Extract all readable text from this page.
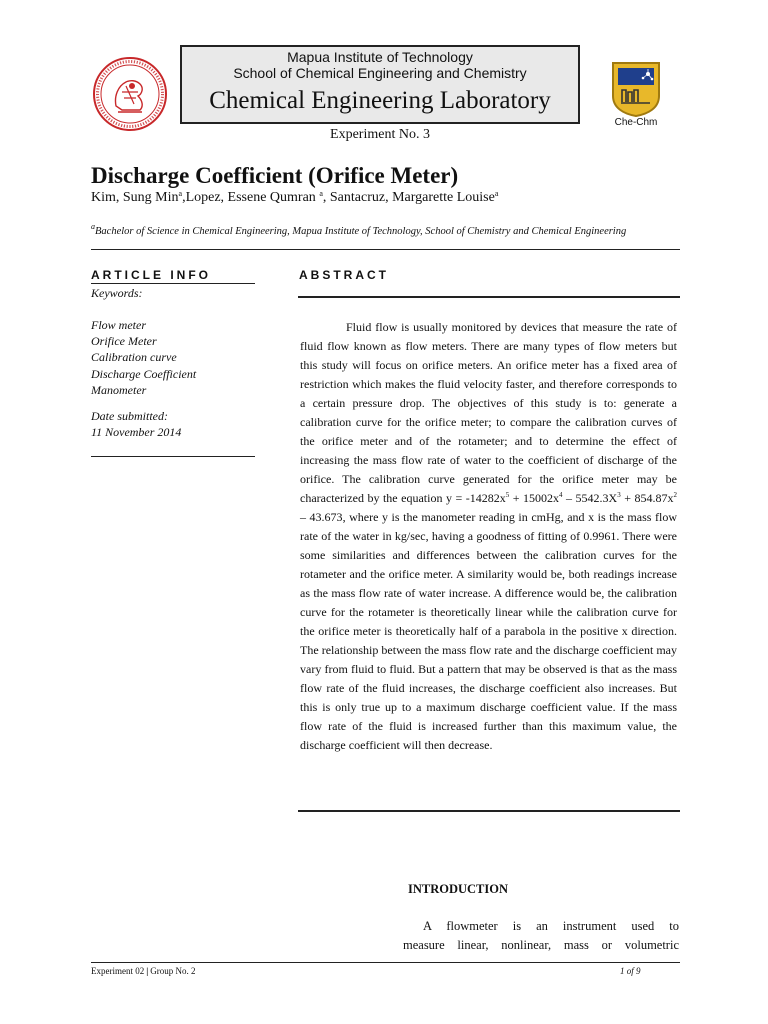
Mapua Institute of Technology
School of Chemical Engineering and Chemistry
Chemical Engineering Laboratory
Experiment No. 3
Che-Chm
Discharge Coefficient (Orifice Meter)
Kim, Sung Min$^a$,Lopez, Essene Qumran $^a$, Santacruz, Margarette Louise$^a$
$^a$Bachelor of Science in Chemical Engineering, Mapua Institute of Technology, School of Chemistry and Chemical Engineering
ARTICLE INFO
Keywords:
Flow meter
Orifice Meter
Calibration curve
Discharge Coefficient
Manometer
Date submitted:
11 November 2014
ABSTRACT

Fluid flow is usually monitored by devices that measure the rate of fluid flow known as flow meters. There are many types of flow meters but this study will focus on orifice meters. An orifice meter has a fixed area of restriction which makes the fluid velocity faster, and therefore corresponds to a certain pressure drop. The objectives of this study is to: generate a calibration curve for the orifice meter; to compare the calibration curves of the orifice meter and of the rotameter; and to determine the effect of increasing the mass flow rate of water to the coefficient of discharge of the orifice. The calibration curve generated for the orifice meter may be characterized by the equation $y = -14282x^5 + 15002x^4 - 5542.3X^3 + 854.87x^2 - 43.673$, where y is the manometer reading in cmHg, and x is the mass flow rate of the water in kg/sec, having a goodness of fitting of 0.9961. There were some similarities and differences between the calibration curves for the rotameter and the orifice meter. A similarity would be, both readings increase as the mass flow rate of water increase. A difference would be, the calibration curve for the rotameter is theoretically linear while the calibration curve for the orifice meter is theoretically half of a parabola in the positive x direction. The relationship between the mass flow rate and the discharge coefficient may vary from fluid to fluid. But a pattern that may be observed is that as the mass flow rate of the fluid increases, the discharge coefficient also increases. But this is only true up to a maximum discharge coefficient value. If the mass flow rate of the fluid is increased further than this maximum value, the discharge coefficient will then decrease.

INTRODUCTION
A flowmeter is an instrument used to
measure linear, nonlinear, mass or volumetric
Experiment 02 | Group No. 2	1 of 9
